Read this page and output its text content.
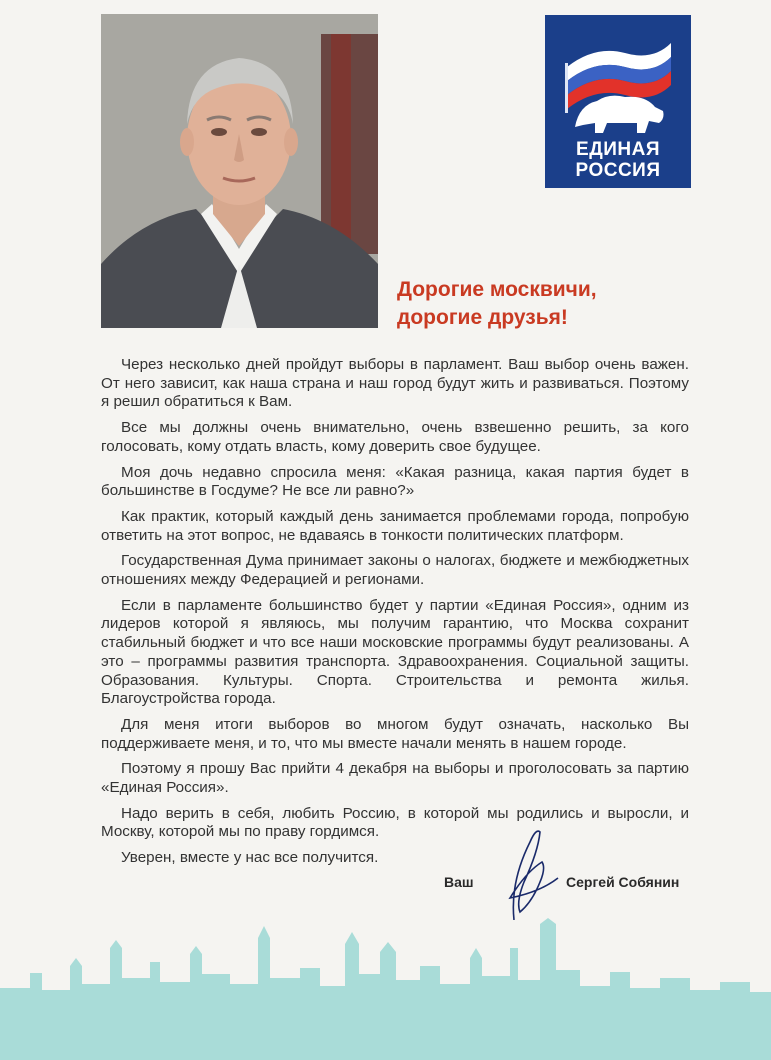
ЕДИНАЯ
РОССИЯ
Дорогие москвичи,
дорогие друзья!

Через несколько дней пройдут выборы в парламент. Ваш выбор очень важен. От него зависит, как наша страна и наш город будут жить и развиваться. Поэтому я решил обратиться к Вам.

Все мы должны очень внимательно, очень взвешенно решить, за кого голосовать, кому отдать власть, кому доверить свое будущее.

Моя дочь недавно спросила меня: «Какая разница, какая партия будет в большинстве в Госдуме? Не все ли равно?»

Как практик, который каждый день занимается проблемами города, попробую ответить на этот вопрос, не вдаваясь в тонкости политических платформ.

Государственная Дума принимает законы о налогах, бюджете и межбюджетных отношениях между Федерацией и регионами.

Если в парламенте большинство будет у партии «Единая Россия», одним из лидеров которой я являюсь, мы получим гарантию, что Москва сохранит стабильный бюджет и что все наши московские программы будут реализованы. А это – программы развития транспорта. Здравоохранения. Социальной защиты. Образования. Культуры. Спорта. Строительства и ремонта жилья. Благоустройства города.

Для меня итоги выборов во многом будут означать, насколько Вы поддерживаете меня, и то, что мы вместе начали менять в нашем городе.

Поэтому я прошу Вас прийти 4 декабря на выборы и проголосовать за партию «Единая Россия».

Надо верить в себя, любить Россию, в которой мы родились и выросли, и Москву, которой мы по праву гордимся.

Уверен, вместе у нас все получится.

Ваш	Сергей Собянин
